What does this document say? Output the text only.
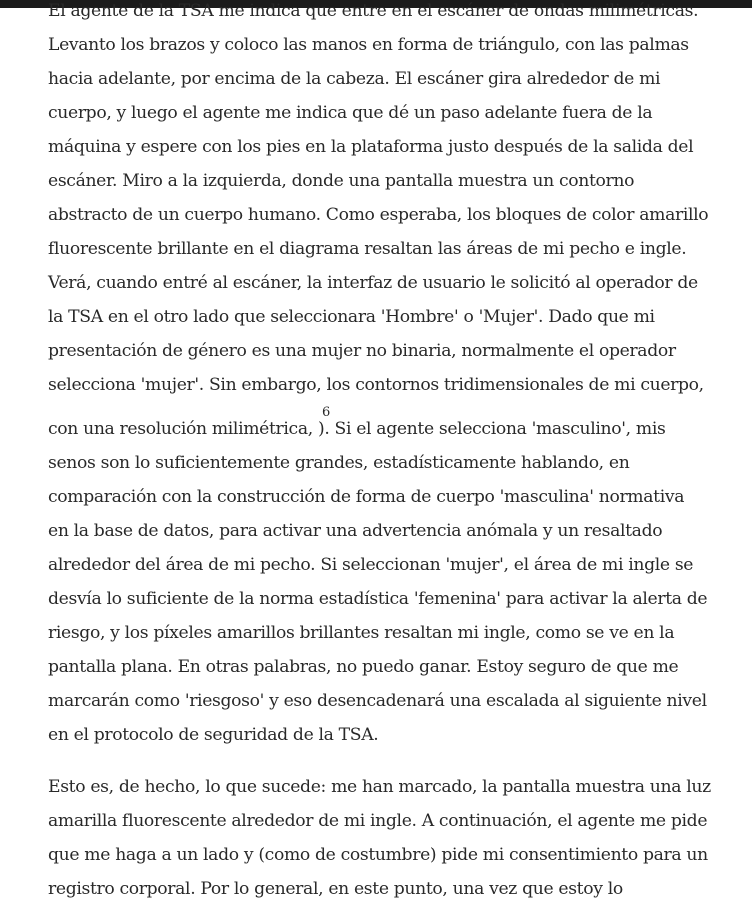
El agente de la TSA me indica que entre en el escáner de ondas milimétricas.
Levanto los brazos y coloco las manos en forma de triángulo, con las palmas
hacia adelante, por encima de la cabeza. El escáner gira alrededor de mi
cuerpo, y luego el agente me indica que dé un paso adelante fuera de la
máquina y espere con los pies en la plataforma justo después de la salida del
escáner. Miro a la izquierda, donde una pantalla muestra un contorno
abstracto de un cuerpo humano. Como esperaba, los bloques de color amarillo
fluorescente brillante en el diagrama resaltan las áreas de mi pecho e ingle.
Verá, cuando entré al escáner, la interfaz de usuario le solicitó al operador de
la TSA en el otro lado que seleccionara 'Hombre' o 'Mujer'. Dado que mi
presentación de género es una mujer no binaria, normalmente el operador
selecciona 'mujer'. Sin embargo, los contornos tridimensionales de mi cuerpo,
con una resolución milimétrica, ). Si el agente selecciona 'masculino', mis
6
senos son lo suficientemente grandes, estadísticamente hablando, en
comparación con la construcción de forma de cuerpo 'masculina' normativa
en la base de datos, para activar una advertencia anómala y un resaltado
alrededor del área de mi pecho. Si seleccionan 'mujer', el área de mi ingle se
desvía lo suficiente de la norma estadística 'femenina' para activar la alerta de
riesgo, y los píxeles amarillos brillantes resaltan mi ingle, como se ve en la
pantalla plana. En otras palabras, no puedo ganar. Estoy seguro de que me
marcarán como 'riesgoso' y eso desencadenará una escalada al siguiente nivel
en el protocolo de seguridad de la TSA.
Esto es, de hecho, lo que sucede: me han marcado, la pantalla muestra una luz
amarilla fluorescente alrededor de mi ingle. A continuación, el agente me pide
que me haga a un lado y (como de costumbre) pide mi consentimiento para un
registro corporal. Por lo general, en este punto, una vez que estoy lo
